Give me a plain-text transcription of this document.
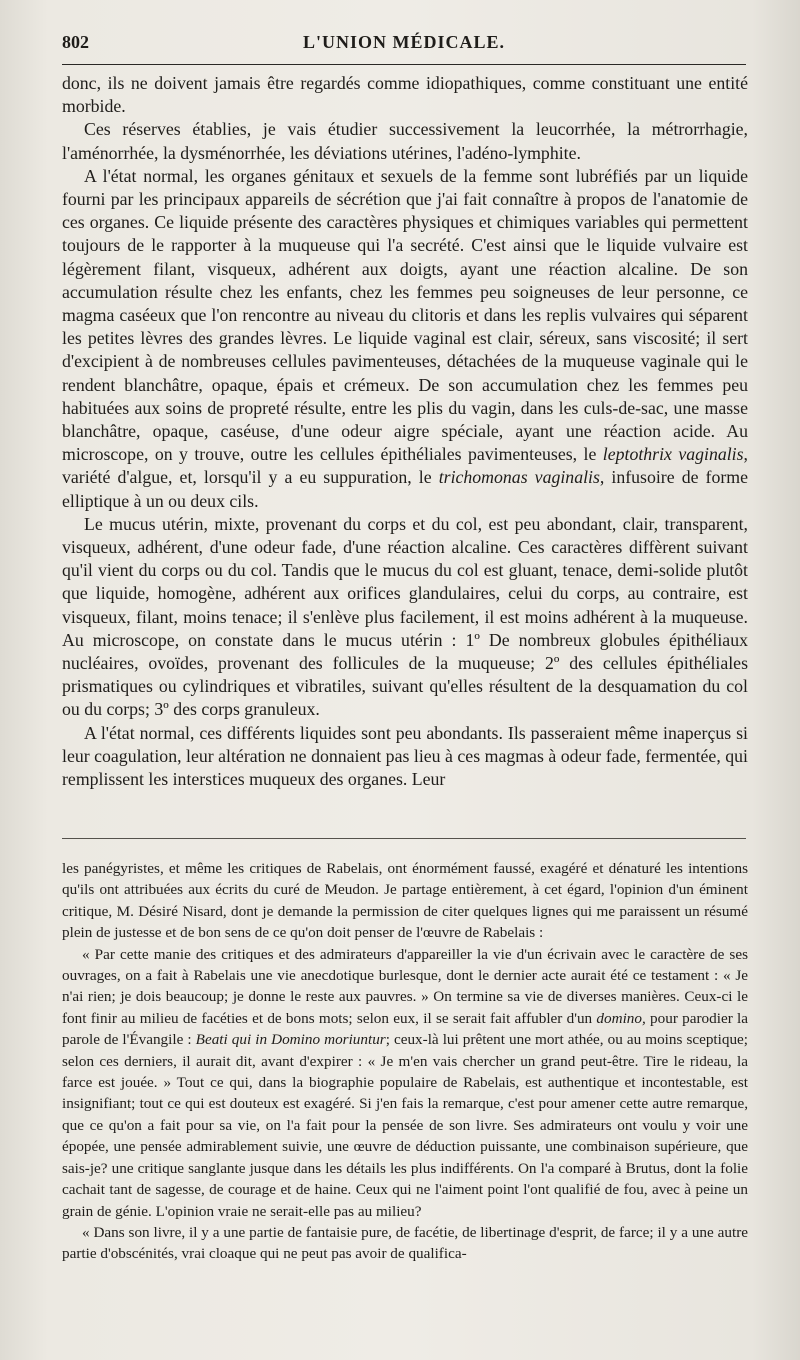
802	L'UNION MÉDICALE.

donc, ils ne doivent jamais être regardés comme idiopathiques, comme constituant une entité morbide.

Ces réserves établies, je vais étudier successivement la leucorrhée, la métrorrhagie, l'aménorrhée, la dysménorrhée, les déviations utérines, l'adéno-lymphite.

A l'état normal, les organes génitaux et sexuels de la femme sont lubréfiés par un liquide fourni par les principaux appareils de sécrétion que j'ai fait connaître à propos de l'anatomie de ces organes. Ce liquide présente des caractères physiques et chimiques variables qui permettent toujours de le rapporter à la muqueuse qui l'a secrété. C'est ainsi que le liquide vulvaire est légèrement filant, visqueux, adhérent aux doigts, ayant une réaction alcaline. De son accumulation résulte chez les enfants, chez les femmes peu soigneuses de leur personne, ce magma caséeux que l'on rencontre au niveau du clitoris et dans les replis vulvaires qui séparent les petites lèvres des grandes lèvres. Le liquide vaginal est clair, séreux, sans viscosité; il sert d'excipient à de nombreuses cellules pavimenteuses, détachées de la muqueuse vaginale qui le rendent blanchâtre, opaque, épais et crémeux. De son accumulation chez les femmes peu habituées aux soins de propreté résulte, entre les plis du vagin, dans les culs-de-sac, une masse blanchâtre, opaque, caséuse, d'une odeur aigre spéciale, ayant une réaction acide. Au microscope, on y trouve, outre les cellules épithéliales pavimenteuses, le leptothrix vaginalis, variété d'algue, et, lorsqu'il y a eu suppuration, le trichomonas vaginalis, infusoire de forme elliptique à un ou deux cils.

Le mucus utérin, mixte, provenant du corps et du col, est peu abondant, clair, transparent, visqueux, adhérent, d'une odeur fade, d'une réaction alcaline. Ces caractères diffèrent suivant qu'il vient du corps ou du col. Tandis que le mucus du col est gluant, tenace, demi-solide plutôt que liquide, homogène, adhérent aux orifices glandulaires, celui du corps, au contraire, est visqueux, filant, moins tenace; il s'enlève plus facilement, il est moins adhérent à la muqueuse. Au microscope, on constate dans le mucus utérin : 1º De nombreux globules épithéliaux nucléaires, ovoïdes, provenant des follicules de la muqueuse; 2º des cellules épithéliales prismatiques ou cylindriques et vibratiles, suivant qu'elles résultent de la desquamation du col ou du corps; 3º des corps granuleux.

A l'état normal, ces différents liquides sont peu abondants. Ils passeraient même inaperçus si leur coagulation, leur altération ne donnaient pas lieu à ces magmas à odeur fade, fermentée, qui remplissent les interstices muqueux des organes. Leur

les panégyristes, et même les critiques de Rabelais, ont énormément faussé, exagéré et dénaturé les intentions qu'ils ont attribuées aux écrits du curé de Meudon. Je partage entièrement, à cet égard, l'opinion d'un éminent critique, M. Désiré Nisard, dont je demande la permission de citer quelques lignes qui me paraissent un résumé plein de justesse et de bon sens de ce qu'on doit penser de l'œuvre de Rabelais :

« Par cette manie des critiques et des admirateurs d'appareiller la vie d'un écrivain avec le caractère de ses ouvrages, on a fait à Rabelais une vie anecdotique burlesque, dont le dernier acte aurait été ce testament : « Je n'ai rien; je dois beaucoup; je donne le reste aux pauvres. » On termine sa vie de diverses manières. Ceux-ci le font finir au milieu de facéties et de bons mots; selon eux, il se serait fait affubler d'un domino, pour parodier la parole de l'Évangile : Beati qui in Domino moriuntur; ceux-là lui prêtent une mort athée, ou au moins sceptique; selon ces derniers, il aurait dit, avant d'expirer : « Je m'en vais chercher un grand peut-être. Tire le rideau, la farce est jouée. » Tout ce qui, dans la biographie populaire de Rabelais, est authentique et incontestable, est insignifiant; tout ce qui est douteux est exagéré. Si j'en fais la remarque, c'est pour amener cette autre remarque, que ce qu'on a fait pour sa vie, on l'a fait pour la pensée de son livre. Ses admirateurs ont voulu y voir une épopée, une pensée admirablement suivie, une œuvre de déduction puissante, une combinaison supérieure, que sais-je? une critique sanglante jusque dans les détails les plus indifférents. On l'a comparé à Brutus, dont la folie cachait tant de sagesse, de courage et de haine. Ceux qui ne l'aiment point l'ont qualifié de fou, avec à peine un grain de génie. L'opinion vraie ne serait-elle pas au milieu?

« Dans son livre, il y a une partie de fantaisie pure, de facétie, de libertinage d'esprit, de farce; il y a une autre partie d'obscénités, vrai cloaque qui ne peut pas avoir de qualifica-
